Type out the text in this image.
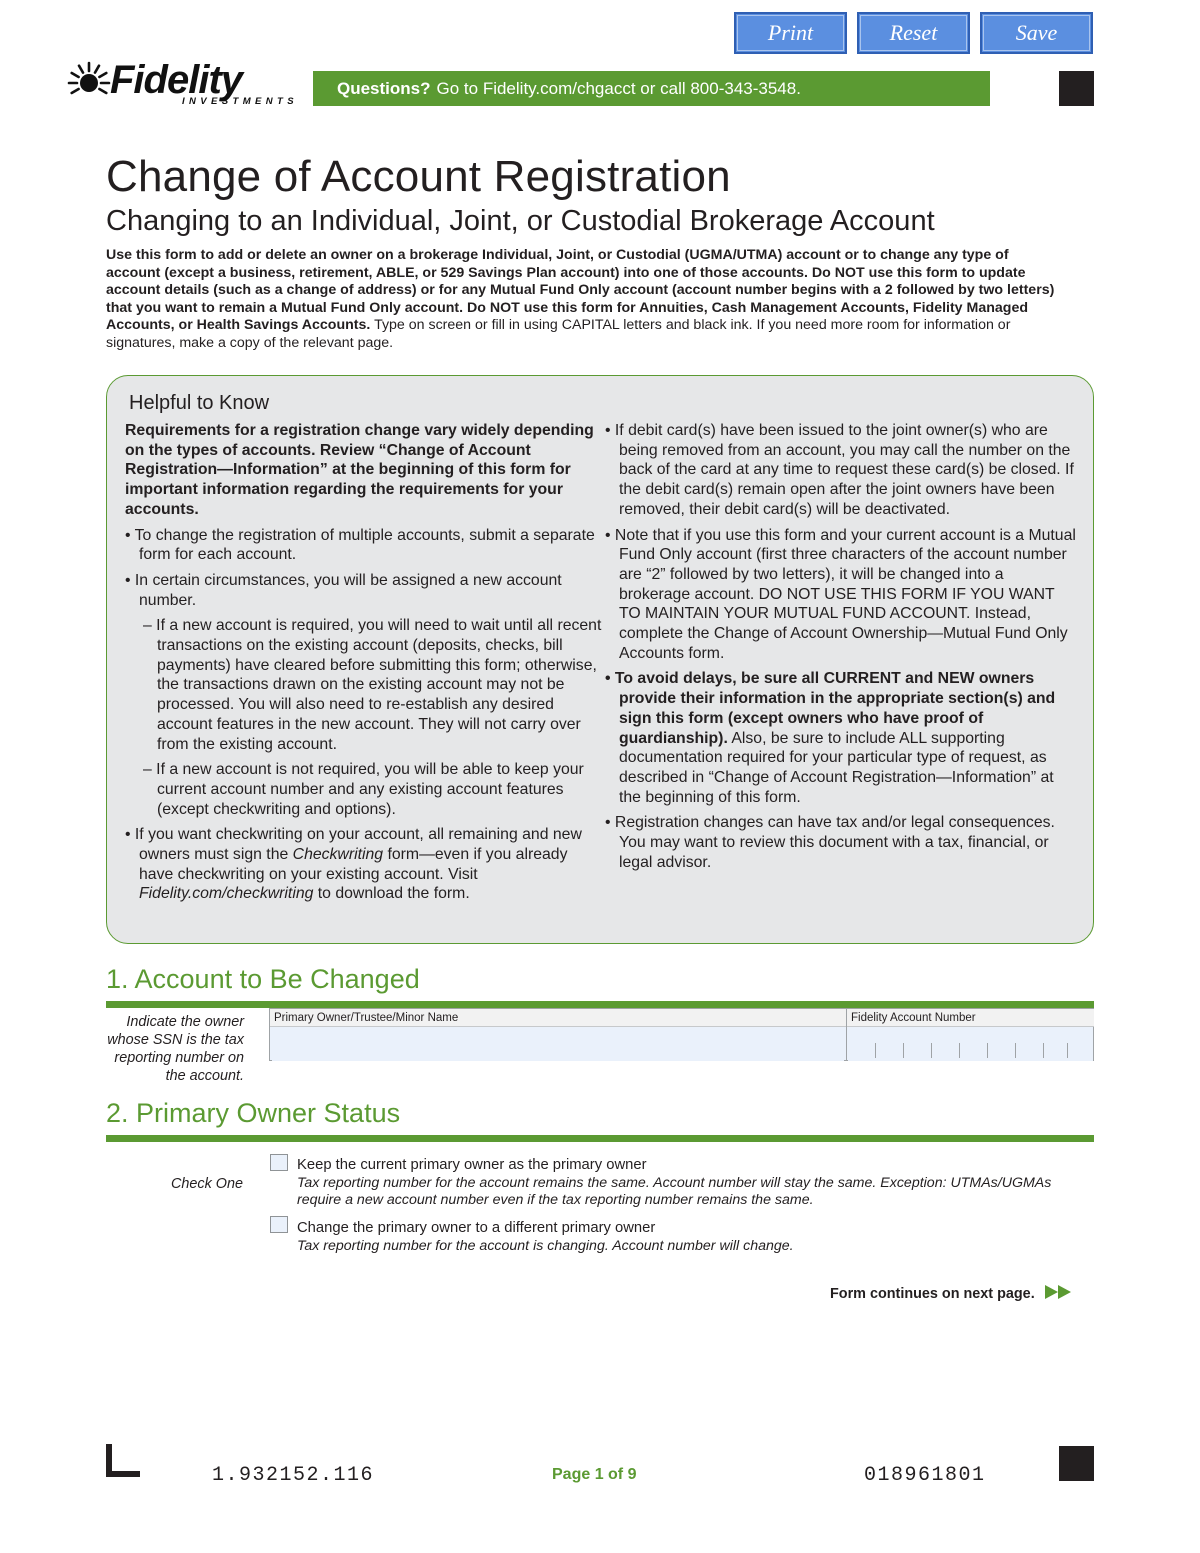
Print	Reset	Save
Fidelity
INVESTMENTS
Questions? Go to Fidelity.com/chgacct or call 800-343-3548.
Change of Account Registration
Changing to an Individual, Joint, or Custodial Brokerage Account
Use this form to add or delete an owner on a brokerage Individual, Joint, or Custodial (UGMA/UTMA) account or to change any type of account (except a business, retirement, ABLE, or 529 Savings Plan account) into one of those accounts. Do NOT use this form to update account details (such as a change of address) or for any Mutual Fund Only account (account number begins with a 2 followed by two letters) that you want to remain a Mutual Fund Only account. Do NOT use this form for Annuities, Cash Management Accounts, Fidelity Managed Accounts, or Health Savings Accounts. Type on screen or fill in using CAPITAL letters and black ink. If you need more room for information or signatures, make a copy of the relevant page.
Helpful to Know

Requirements for a registration change vary widely depending on the types of accounts. Review “Change of Account Registration—Information” at the beginning of this form for important information regarding the requirements for your accounts.

• To change the registration of multiple accounts, submit a separate form for each account.

• In certain circumstances, you will be assigned a new account number.

– If a new account is required, you will need to wait until all recent transactions on the existing account (deposits, checks, bill payments) have cleared before submitting this form; otherwise, the transactions drawn on the existing account may not be processed. You will also need to re-establish any desired account features in the new account. They will not carry over from the existing account.

– If a new account is not required, you will be able to keep your current account number and any existing account features (except checkwriting and options).

• If you want checkwriting on your account, all remaining and new owners must sign the Checkwriting form—even if you already have checkwriting on your existing account. Visit Fidelity.com/checkwriting to download the form.

• If debit card(s) have been issued to the joint owner(s) who are being removed from an account, you may call the number on the back of the card at any time to request these card(s) be closed. If the debit card(s) remain open after the joint owners have been removed, their debit card(s) will be deactivated.

• Note that if you use this form and your current account is a Mutual Fund Only account (first three characters of the account number are “2” followed by two letters), it will be changed into a brokerage account. DO NOT USE THIS FORM IF YOU WANT TO MAINTAIN YOUR MUTUAL FUND ACCOUNT. Instead, complete the Change of Account Ownership—Mutual Fund Only Accounts form.

• To avoid delays, be sure all CURRENT and NEW owners provide their information in the appropriate section(s) and sign this form (except owners who have proof of guardianship). Also, be sure to include ALL supporting documentation required for your particular type of request, as described in “Change of Account Registration—Information” at the beginning of this form.

• Registration changes can have tax and/or legal consequences. You may want to review this document with a tax, financial, or legal advisor.

1. Account to Be Changed
Indicate the owner whose SSN is the tax reporting number on the account.
Primary Owner/Trustee/Minor Name	Fidelity Account Number
2. Primary Owner Status
Check One
Keep the current primary owner as the primary owner
Tax reporting number for the account remains the same. Account number will stay the same. Exception: UTMAs/UGMAs require a new account number even if the tax reporting number remains the same.
Change the primary owner to a different primary owner
Tax reporting number for the account is changing. Account number will change.
Form continues on next page.
1.932152.116	Page 1 of 9	018961801
